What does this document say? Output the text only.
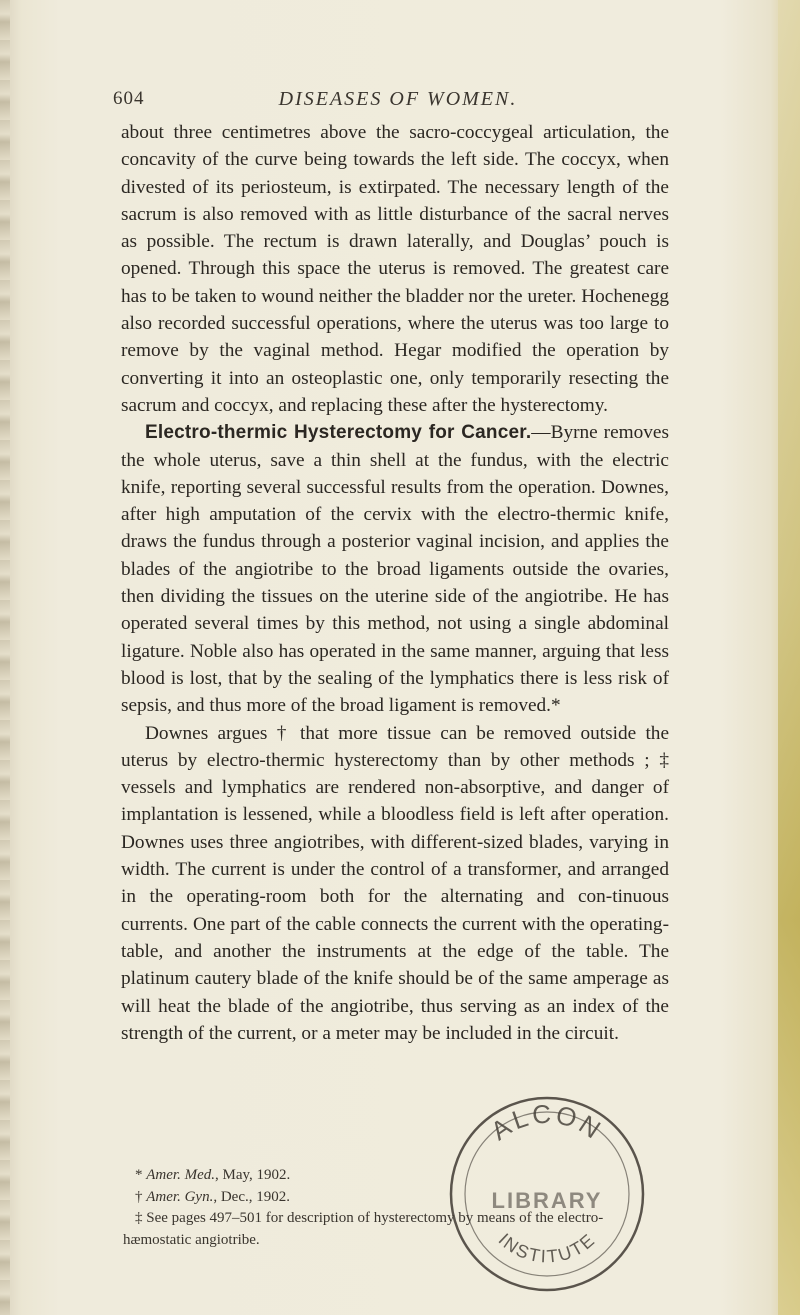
604	DISEASES OF WOMEN.

about three centimetres above the sacro-coccygeal articulation, the concavity of the curve being towards the left side. The coccyx, when divested of its periosteum, is extirpated. The necessary length of the sacrum is also removed with as little disturbance of the sacral nerves as possible. The rectum is drawn laterally, and Douglas’ pouch is opened. Through this space the uterus is removed. The greatest care has to be taken to wound neither the bladder nor the ureter. Hochenegg also recorded successful operations, where the uterus was too large to remove by the vaginal method. Hegar modified the operation by converting it into an osteoplastic one, only temporarily resecting the sacrum and coccyx, and replacing these after the hysterectomy.

Electro-thermic Hysterectomy for Cancer.—Byrne removes the whole uterus, save a thin shell at the fundus, with the electric knife, reporting several successful results from the operation. Downes, after high amputation of the cervix with the electro-thermic knife, draws the fundus through a posterior vaginal incision, and applies the blades of the angiotribe to the broad ligaments outside the ovaries, then dividing the tissues on the uterine side of the angiotribe. He has operated several times by this method, not using a single abdominal ligature. Noble also has operated in the same manner, arguing that less blood is lost, that by the sealing of the lymphatics there is less risk of sepsis, and thus more of the broad ligament is removed.*

Downes argues † that more tissue can be removed outside the uterus by electro-thermic hysterectomy than by other methods ; ‡ vessels and lymphatics are rendered non-absorptive, and danger of implantation is lessened, while a bloodless field is left after operation. Downes uses three angiotribes, with different-sized blades, varying in width. The current is under the control of a transformer, and arranged in the operating-room both for the alternating and con-tinuous currents. One part of the cable connects the current with the operating-table, and another the instruments at the edge of the table. The platinum cautery blade of the knife should be of the same amperage as will heat the blade of the angiotribe, thus serving as an index of the strength of the current, or a meter may be included in the circuit.

* Amer. Med., May, 1902.

† Amer. Gyn., Dec., 1902.

‡ See pages 497–501 for description of hysterectomy by means of the electro-

hæmostatic angiotribe.

ALCON
LIBRARY
INSTITUTE
